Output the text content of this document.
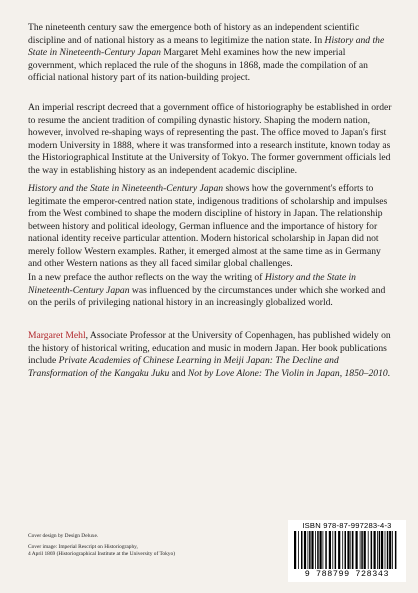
The nineteenth century saw the emergence both of history as an independent scientific discipline and of national history as a means to legitimize the nation state. In History and the State in Nineteenth-Century Japan Margaret Mehl examines how the new imperial government, which replaced the rule of the shoguns in 1868, made the compilation of an official national history part of its nation-building project.

An imperial rescript decreed that a government office of historiography be established in order to resume the ancient tradition of compiling dynastic history. Shaping the modern nation, however, involved re-shaping ways of representing the past. The office moved to Japan's first modern University in 1888, where it was transformed into a research institute, known today as the Historiographical Institute at the University of Tokyo. The former government officials led the way in establishing history as an independent academic discipline.

History and the State in Nineteenth-Century Japan shows how the government's efforts to legitimate the emperor-centred nation state, indigenous traditions of scholarship and impulses from the West combined to shape the modern discipline of history in Japan. The relationship between history and political ideology, German influence and the importance of history for national identity receive particular attention. Modern historical scholarship in Japan did not merely follow Western examples. Rather, it emerged almost at the same time as in Germany and other Western nations as they all faced similar global challenges.

In a new preface the author reflects on the way the writing of History and the State in Nineteenth-Century Japan was influenced by the circumstances under which she worked and on the perils of privileging national history in an increasingly globalized world.

Margaret Mehl, Associate Professor at the University of Copenhagen, has published widely on the history of historical writing, education and music in modern Japan. Her book publications include Private Academies of Chinese Learning in Meiji Japan: The Decline and Transformation of the Kangaku Juku and Not by Love Alone: The Violin in Japan, 1850–2010.

Cover design by Design Deluxe.
Cover image: Imperial Rescript on Historiography,
4 April 1869 (Historiographical Institute at the University of Tokyo)
ISBN 978-87-997283-4-3
9 788799 728343
